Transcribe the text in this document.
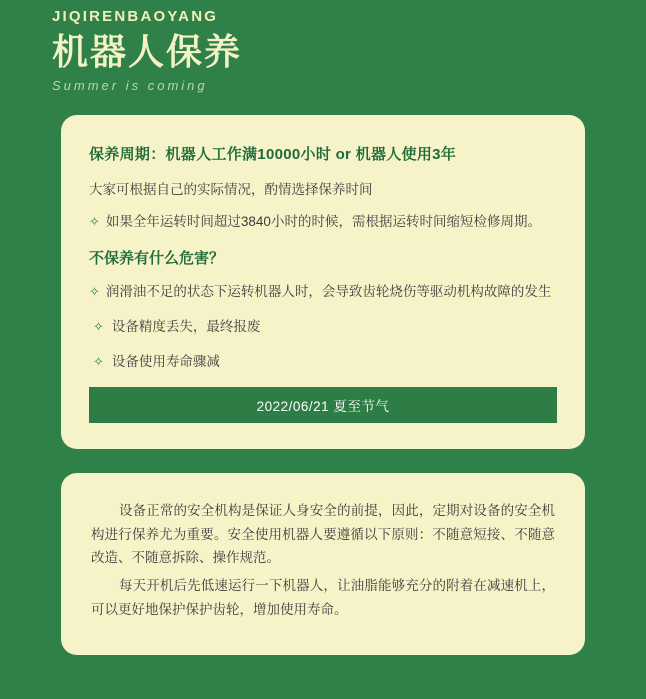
JIQIRENBAOYANG
机器人保养
Summer is coming

保养周期：机器人工作满10000小时 or 机器人使用3年

大家可根据自己的实际情况，酌情选择保养时间

✧ 如果全年运转时间超过3840小时的时候，需根据运转时间缩短检修周期。

不保养有什么危害？

✧ 润滑油不足的状态下运转机器人时，会导致齿轮烧伤等驱动机构故障的发生
✧ 设备精度丢失，最终报废
✧ 设备使用寿命骤减
2022/06/21 夏至节气

设备正常的安全机构是保证人身安全的前提，因此，定期对设备的安全机构进行保养尤为重要。安全使用机器人要遵循以下原则：不随意短接、不随意改造、不随意拆除、操作规范。

每天开机后先低速运行一下机器人，让油脂能够充分的附着在减速机上，可以更好地保护保护齿轮，增加使用寿命。
